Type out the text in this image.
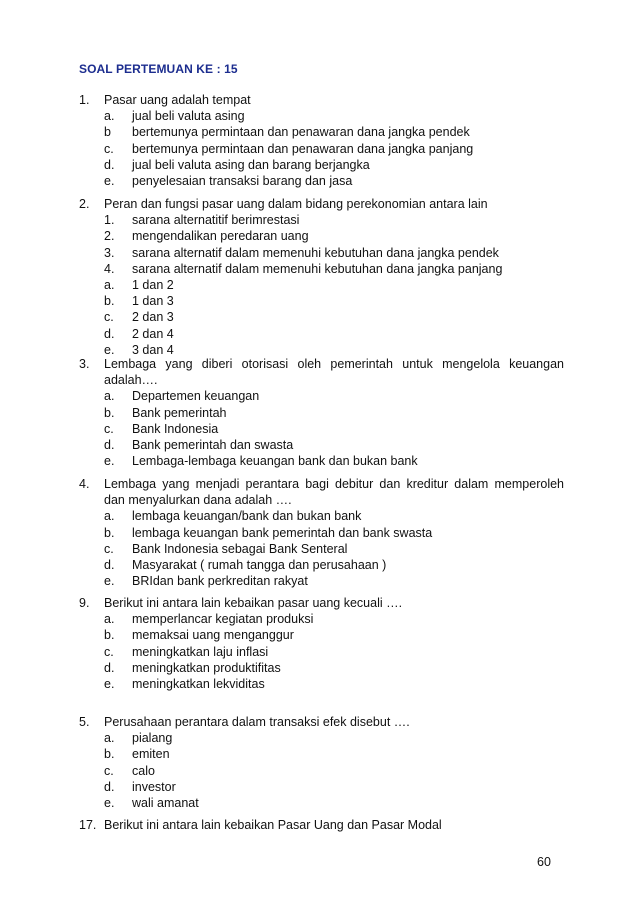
SOAL PERTEMUAN KE : 15
1. Pasar uang adalah tempat
a. jual beli valuta asing
b bertemunya permintaan dan penawaran dana jangka pendek
c. bertemunya permintaan dan penawaran dana jangka panjang
d. jual beli valuta asing dan barang berjangka
e. penyelesaian transaksi barang dan jasa
2. Peran dan fungsi pasar uang dalam bidang perekonomian antara lain
1. sarana alternatitif berimrestasi
2. mengendalikan peredaran uang
3. sarana alternatif dalam memenuhi kebutuhan dana jangka pendek
4. sarana alternatif dalam memenuhi kebutuhan dana jangka panjang
a. 1 dan 2
b. 1 dan 3
c. 2 dan 3
d. 2 dan 4
e. 3 dan 4
3. Lembaga yang diberi otorisasi oleh pemerintah untuk mengelola keuangan
adalah….
a. Departemen keuangan
b. Bank pemerintah
c. Bank Indonesia
d. Bank pemerintah dan swasta
e. Lembaga-lembaga keuangan bank dan bukan bank
4. Lembaga yang menjadi perantara bagi debitur dan kreditur dalam memperoleh
dan menyalurkan dana adalah ….
a. lembaga keuangan/bank dan bukan bank
b. lembaga keuangan bank pemerintah dan bank swasta
c. Bank Indonesia sebagai Bank Senteral
d. Masyarakat ( rumah tangga dan perusahaan )
e. BRIdan bank perkreditan rakyat
9. Berikut ini antara lain kebaikan pasar uang kecuali ….
a. memperlancar kegiatan produksi
b. memaksai uang menganggur
c. meningkatkan laju inflasi
d. meningkatkan produktifitas
e. meningkatkan lekviditas
5. Perusahaan perantara dalam transaksi efek disebut ….
a. pialang
b. emiten
c. calo
d. investor
e. wali amanat
17. Berikut ini antara lain kebaikan Pasar Uang dan Pasar Modal
60
